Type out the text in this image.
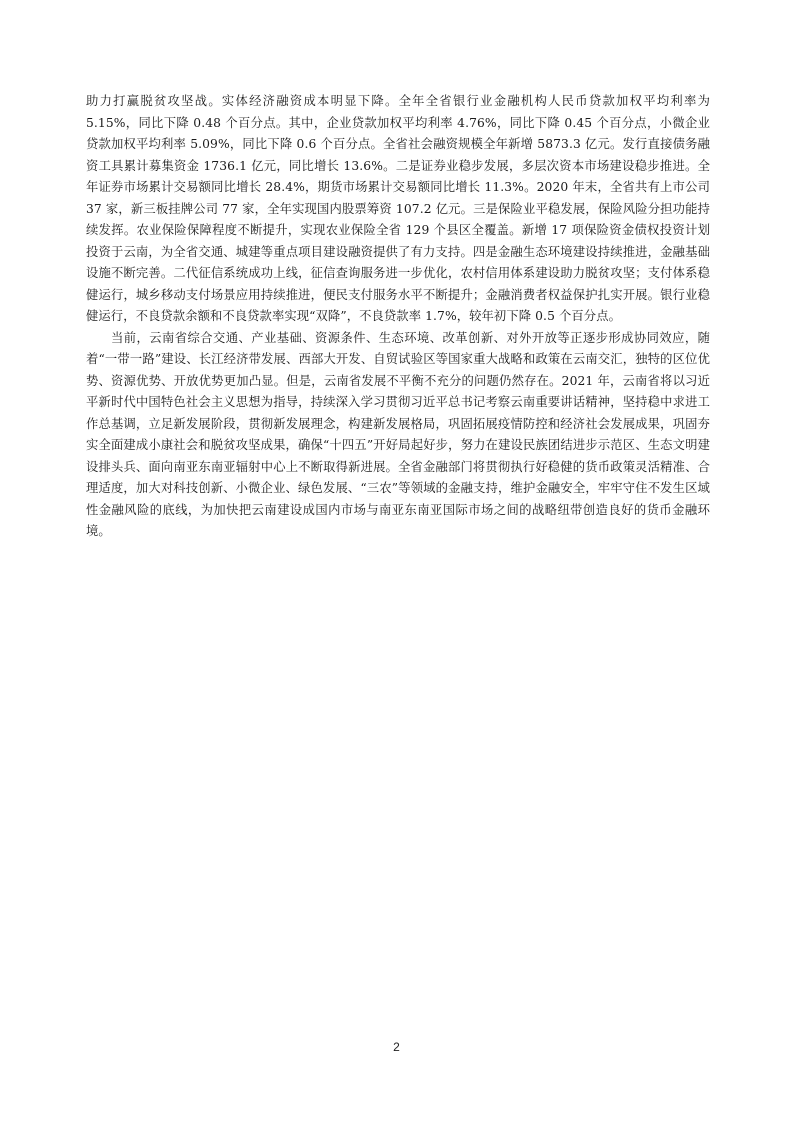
助力打赢脱贫攻坚战。实体经济融资成本明显下降。全年全省银行业金融机构人民币贷款加权平均利率为 5.15%，同比下降 0.48 个百分点。其中，企业贷款加权平均利率 4.76%，同比下降 0.45 个百分点，小微企业贷款加权平均利率 5.09%，同比下降 0.6 个百分点。全省社会融资规模全年新增 5873.3 亿元。发行直接债务融资工具累计募集资金 1736.1 亿元，同比增长 13.6%。二是证券业稳步发展，多层次资本市场建设稳步推进。全年证券市场累计交易额同比增长 28.4%，期货市场累计交易额同比增长 11.3%。2020 年末，全省共有上市公司 37 家，新三板挂牌公司 77 家，全年实现国内股票筹资 107.2 亿元。三是保险业平稳发展，保险风险分担功能持续发挥。农业保险保障程度不断提升，实现农业保险全省 129 个县区全覆盖。新增 17 项保险资金债权投资计划投资于云南，为全省交通、城建等重点项目建设融资提供了有力支持。四是金融生态环境建设持续推进，金融基础设施不断完善。二代征信系统成功上线，征信查询服务进一步优化，农村信用体系建设助力脱贫攻坚；支付体系稳健运行，城乡移动支付场景应用持续推进，便民支付服务水平不断提升；金融消费者权益保护扎实开展。银行业稳健运行，不良贷款余额和不良贷款率实现“双降”，不良贷款率 1.7%，较年初下降 0.5 个百分点。

当前，云南省综合交通、产业基础、资源条件、生态环境、改革创新、对外开放等正逐步形成协同效应，随着“一带一路”建设、长江经济带发展、西部大开发、自贸试验区等国家重大战略和政策在云南交汇，独特的区位优势、资源优势、开放优势更加凸显。但是，云南省发展不平衡不充分的问题仍然存在。2021 年，云南省将以习近平新时代中国特色社会主义思想为指导，持续深入学习贯彻习近平总书记考察云南重要讲话精神，坚持稳中求进工作总基调，立足新发展阶段，贯彻新发展理念，构建新发展格局，巩固拓展疫情防控和经济社会发展成果，巩固夯实全面建成小康社会和脱贫攻坚成果，确保“十四五”开好局起好步，努力在建设民族团结进步示范区、生态文明建设排头兵、面向南亚东南亚辐射中心上不断取得新进展。全省金融部门将贯彻执行好稳健的货币政策灵活精准、合理适度，加大对科技创新、小微企业、绿色发展、“三农”等领域的金融支持，维护金融安全，牢牢守住不发生区域性金融风险的底线，为加快把云南建设成国内市场与南亚东南亚国际市场之间的战略纽带创造良好的货币金融环境。

2
